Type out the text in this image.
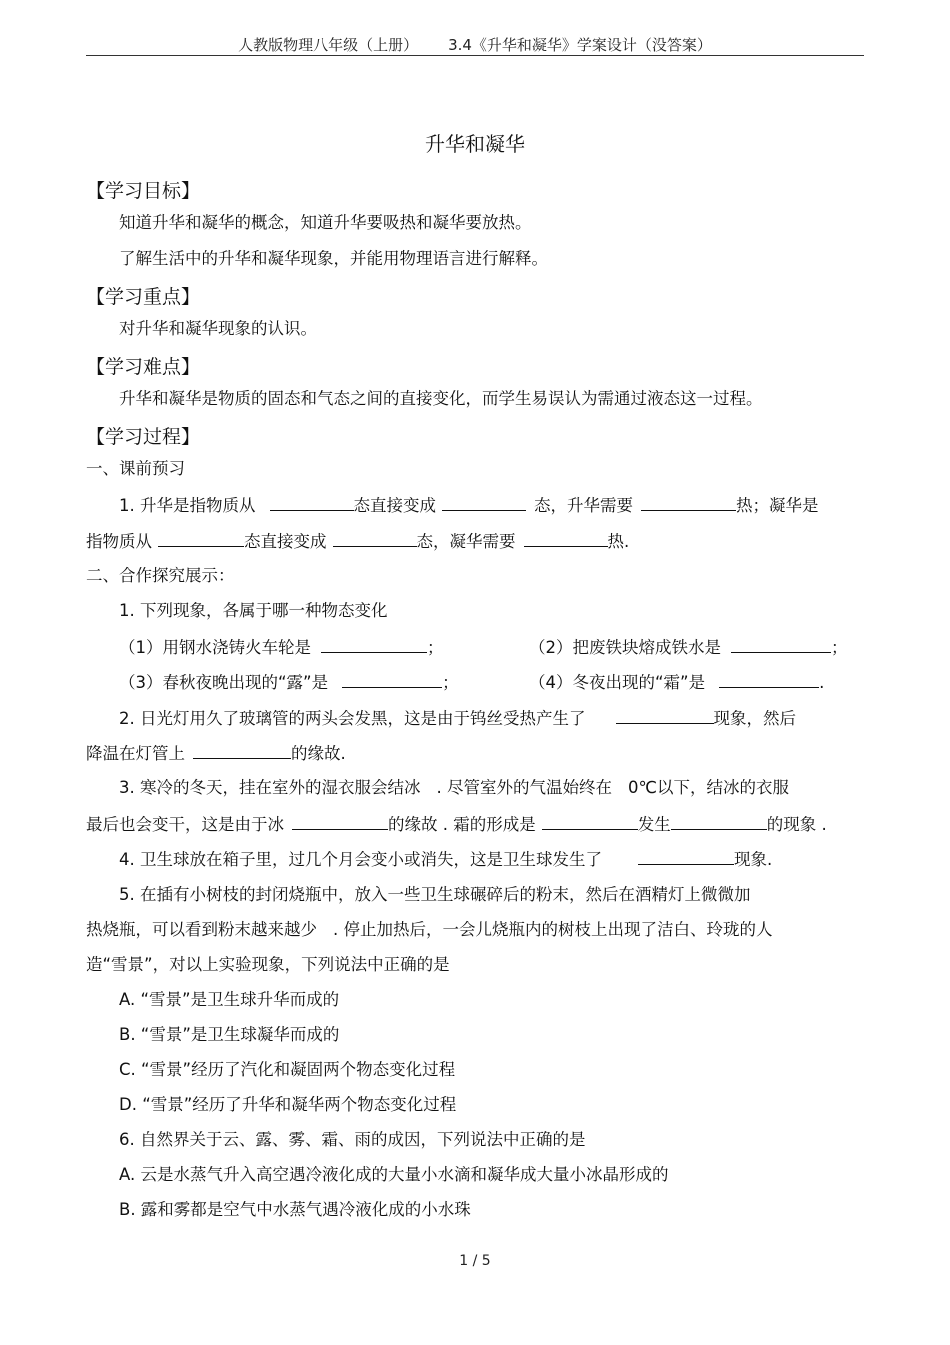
人教版物理八年级（上册） 3.4《升华和凝华》学案设计（没答案）
升华和凝华
【学习目标】
知道升华和凝华的概念，知道升华要吸热和凝华要放热。
了解生活中的升华和凝华现象，并能用物理语言进行解释。
【学习重点】
对升华和凝华现象的认识。
【学习难点】
升华和凝华是物质的固态和气态之间的直接变化，而学生易误认为需通过液态这一过程。
【学习过程】
一、课前预习
1. 升华是指物质从	态直接变成	态，升华需要	热；凝华是
指物质从	态直接变成	态，凝华需要	热.
二、合作探究展示：
1. 下列现象，各属于哪一种物态变化
（1）用钢水浇铸火车轮是	；	（2）把废铁块熔成铁水是	；
（3）春秋夜晚出现的“露”是	；	（4）冬夜出现的“霜”是	.
2. 日光灯用久了玻璃管的两头会发黑，这是由于钨丝受热产生了	现象，然后
降温在灯管上	的缘故.
3. 寒冷的冬天，挂在室外的湿衣服会结冰 . 尽管室外的气温始终在 0℃以下，结冰的衣服
最后也会变干，这是由于冰	的缘故 . 霜的形成是	发生	的现象 .
4. 卫生球放在箱子里，过几个月会变小或消失，这是卫生球发生了	现象.
5. 在插有小树枝的封闭烧瓶中，放入一些卫生球碾碎后的粉末，然后在酒精灯上微微加
热烧瓶，可以看到粉末越来越少 . 停止加热后，一会儿烧瓶内的树枝上出现了洁白、玲珑的人
造“雪景”，对以上实验现象，下列说法中正确的是
A. “雪景”是卫生球升华而成的
B. “雪景”是卫生球凝华而成的
C. “雪景”经历了汽化和凝固两个物态变化过程
D. “雪景”经历了升华和凝华两个物态变化过程
6. 自然界关于云、露、雾、霜、雨的成因，下列说法中正确的是
A. 云是水蒸气升入高空遇冷液化成的大量小水滴和凝华成大量小冰晶形成的
B. 露和雾都是空气中水蒸气遇冷液化成的小水珠
1 / 5
